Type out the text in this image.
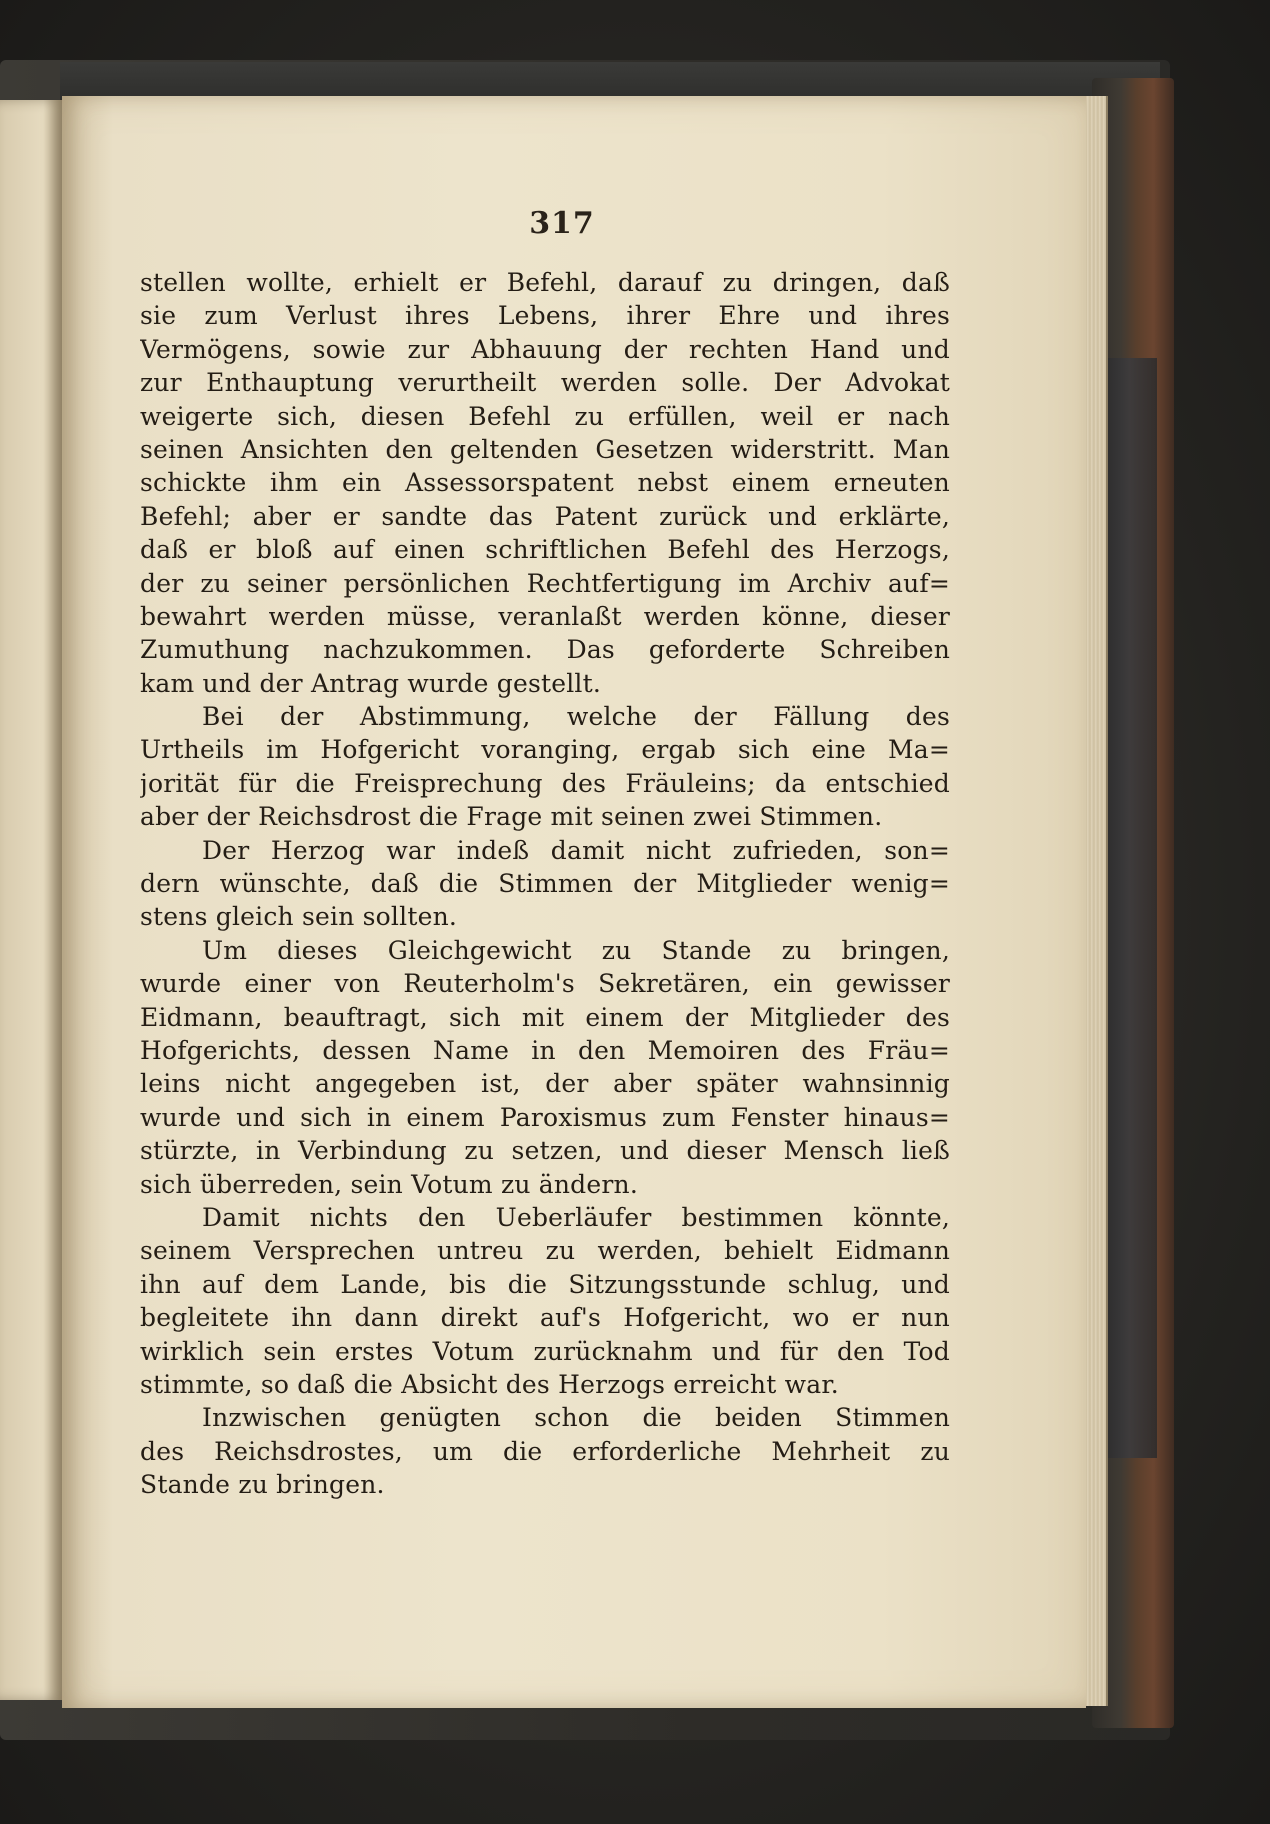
317
stellen wollte, erhielt er Befehl, darauf zu dringen, daß
sie zum Verlust ihres Lebens, ihrer Ehre und ihres
Vermögens, sowie zur Abhauung der rechten Hand und
zur Enthauptung verurtheilt werden solle. Der Advokat
weigerte sich, diesen Befehl zu erfüllen, weil er nach
seinen Ansichten den geltenden Gesetzen widerstritt. Man
schickte ihm ein Assessorspatent nebst einem erneuten
Befehl; aber er sandte das Patent zurück und erklärte,
daß er bloß auf einen schriftlichen Befehl des Herzogs,
der zu seiner persönlichen Rechtfertigung im Archiv auf=
bewahrt werden müsse, veranlaßt werden könne, dieser
Zumuthung nachzukommen. Das geforderte Schreiben
kam und der Antrag wurde gestellt.
Bei der Abstimmung, welche der Fällung des
Urtheils im Hofgericht voranging, ergab sich eine Ma=
jorität für die Freisprechung des Fräuleins; da entschied
aber der Reichsdrost die Frage mit seinen zwei Stimmen.
Der Herzog war indeß damit nicht zufrieden, son=
dern wünschte, daß die Stimmen der Mitglieder wenig=
stens gleich sein sollten.
Um dieses Gleichgewicht zu Stande zu bringen,
wurde einer von Reuterholm's Sekretären, ein gewisser
Eidmann, beauftragt, sich mit einem der Mitglieder des
Hofgerichts, dessen Name in den Memoiren des Fräu=
leins nicht angegeben ist, der aber später wahnsinnig
wurde und sich in einem Paroxismus zum Fenster hinaus=
stürzte, in Verbindung zu setzen, und dieser Mensch ließ
sich überreden, sein Votum zu ändern.
Damit nichts den Ueberläufer bestimmen könnte,
seinem Versprechen untreu zu werden, behielt Eidmann
ihn auf dem Lande, bis die Sitzungsstunde schlug, und
begleitete ihn dann direkt auf's Hofgericht, wo er nun
wirklich sein erstes Votum zurücknahm und für den Tod
stimmte, so daß die Absicht des Herzogs erreicht war.
Inzwischen genügten schon die beiden Stimmen
des Reichsdrostes, um die erforderliche Mehrheit zu
Stande zu bringen.
